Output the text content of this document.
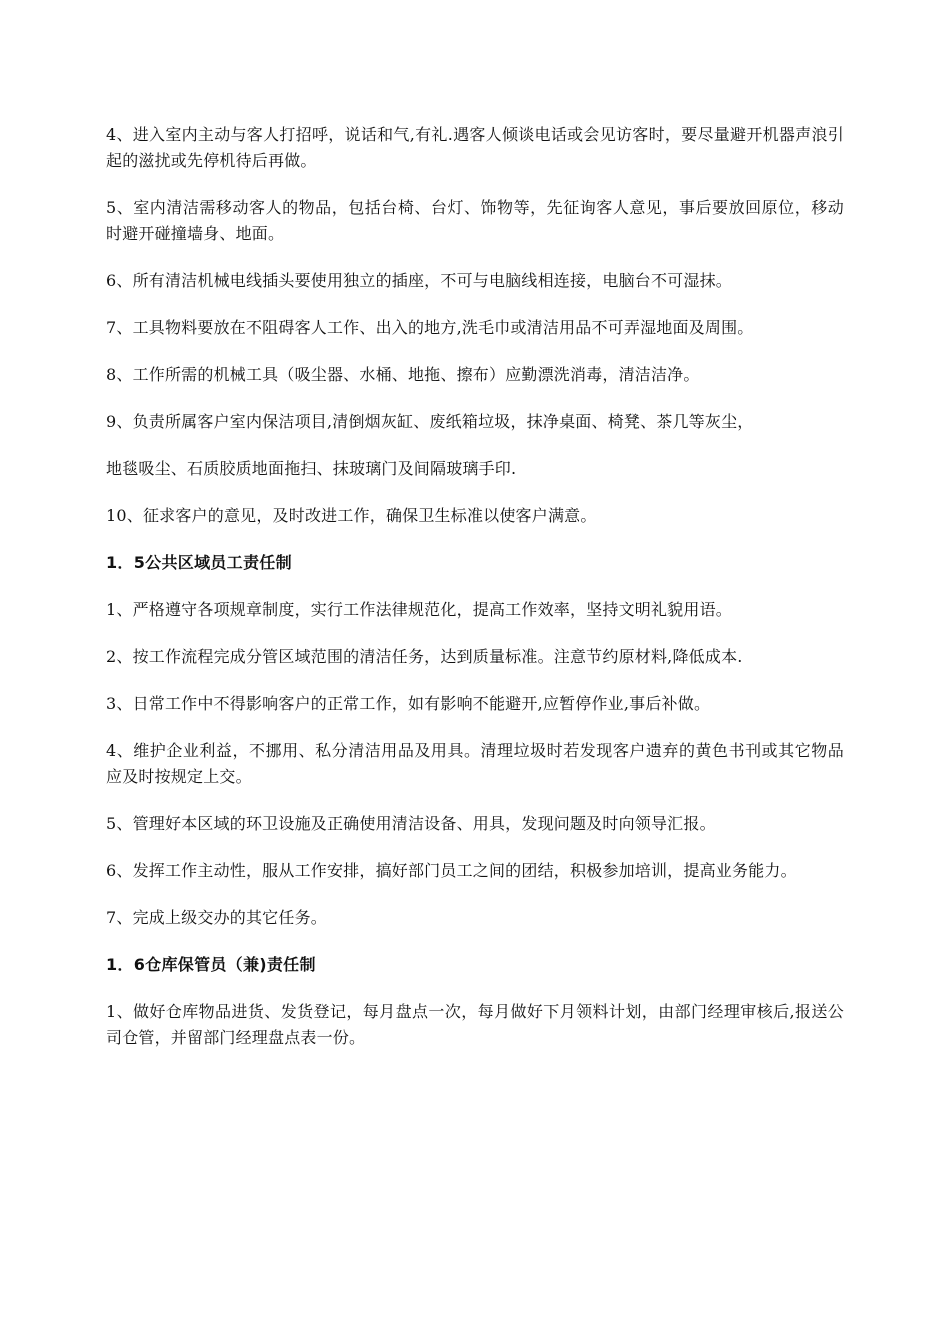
4、进入室内主动与客人打招呼，说话和气,有礼.遇客人倾谈电话或会见访客时，要尽量避开机器声浪引起的滋扰或先停机待后再做。

5、室内清洁需移动客人的物品，包括台椅、台灯、饰物等，先征询客人意见，事后要放回原位，移动时避开碰撞墙身、地面。

6、所有清洁机械电线插头要使用独立的插座，不可与电脑线相连接，电脑台不可湿抹。

7、工具物料要放在不阻碍客人工作、出入的地方,洗毛巾或清洁用品不可弄湿地面及周围。

8、工作所需的机械工具（吸尘器、水桶、地拖、擦布）应勤漂洗消毒，清洁洁净。

9、负责所属客户室内保洁项目,清倒烟灰缸、废纸箱垃圾，抹净桌面、椅凳、茶几等灰尘，

地毯吸尘、石质胶质地面拖扫、抹玻璃门及间隔玻璃手印.

10、征求客户的意见，及时改进工作，确保卫生标准以使客户满意。

1．5公共区域员工责任制

1、严格遵守各项规章制度，实行工作法律规范化，提高工作效率，坚持文明礼貌用语。

2、按工作流程完成分管区域范围的清洁任务，达到质量标准。注意节约原材料,降低成本.

3、日常工作中不得影响客户的正常工作，如有影响不能避开,应暂停作业,事后补做。

4、维护企业利益，不挪用、私分清洁用品及用具。清理垃圾时若发现客户遗弃的黄色书刊或其它物品应及时按规定上交。

5、管理好本区域的环卫设施及正确使用清洁设备、用具，发现问题及时向领导汇报。

6、发挥工作主动性，服从工作安排，搞好部门员工之间的团结，积极参加培训，提高业务能力。

7、完成上级交办的其它任务。

1．6仓库保管员（兼)责任制

1、做好仓库物品进货、发货登记，每月盘点一次，每月做好下月领料计划，由部门经理审核后,报送公司仓管，并留部门经理盘点表一份。
